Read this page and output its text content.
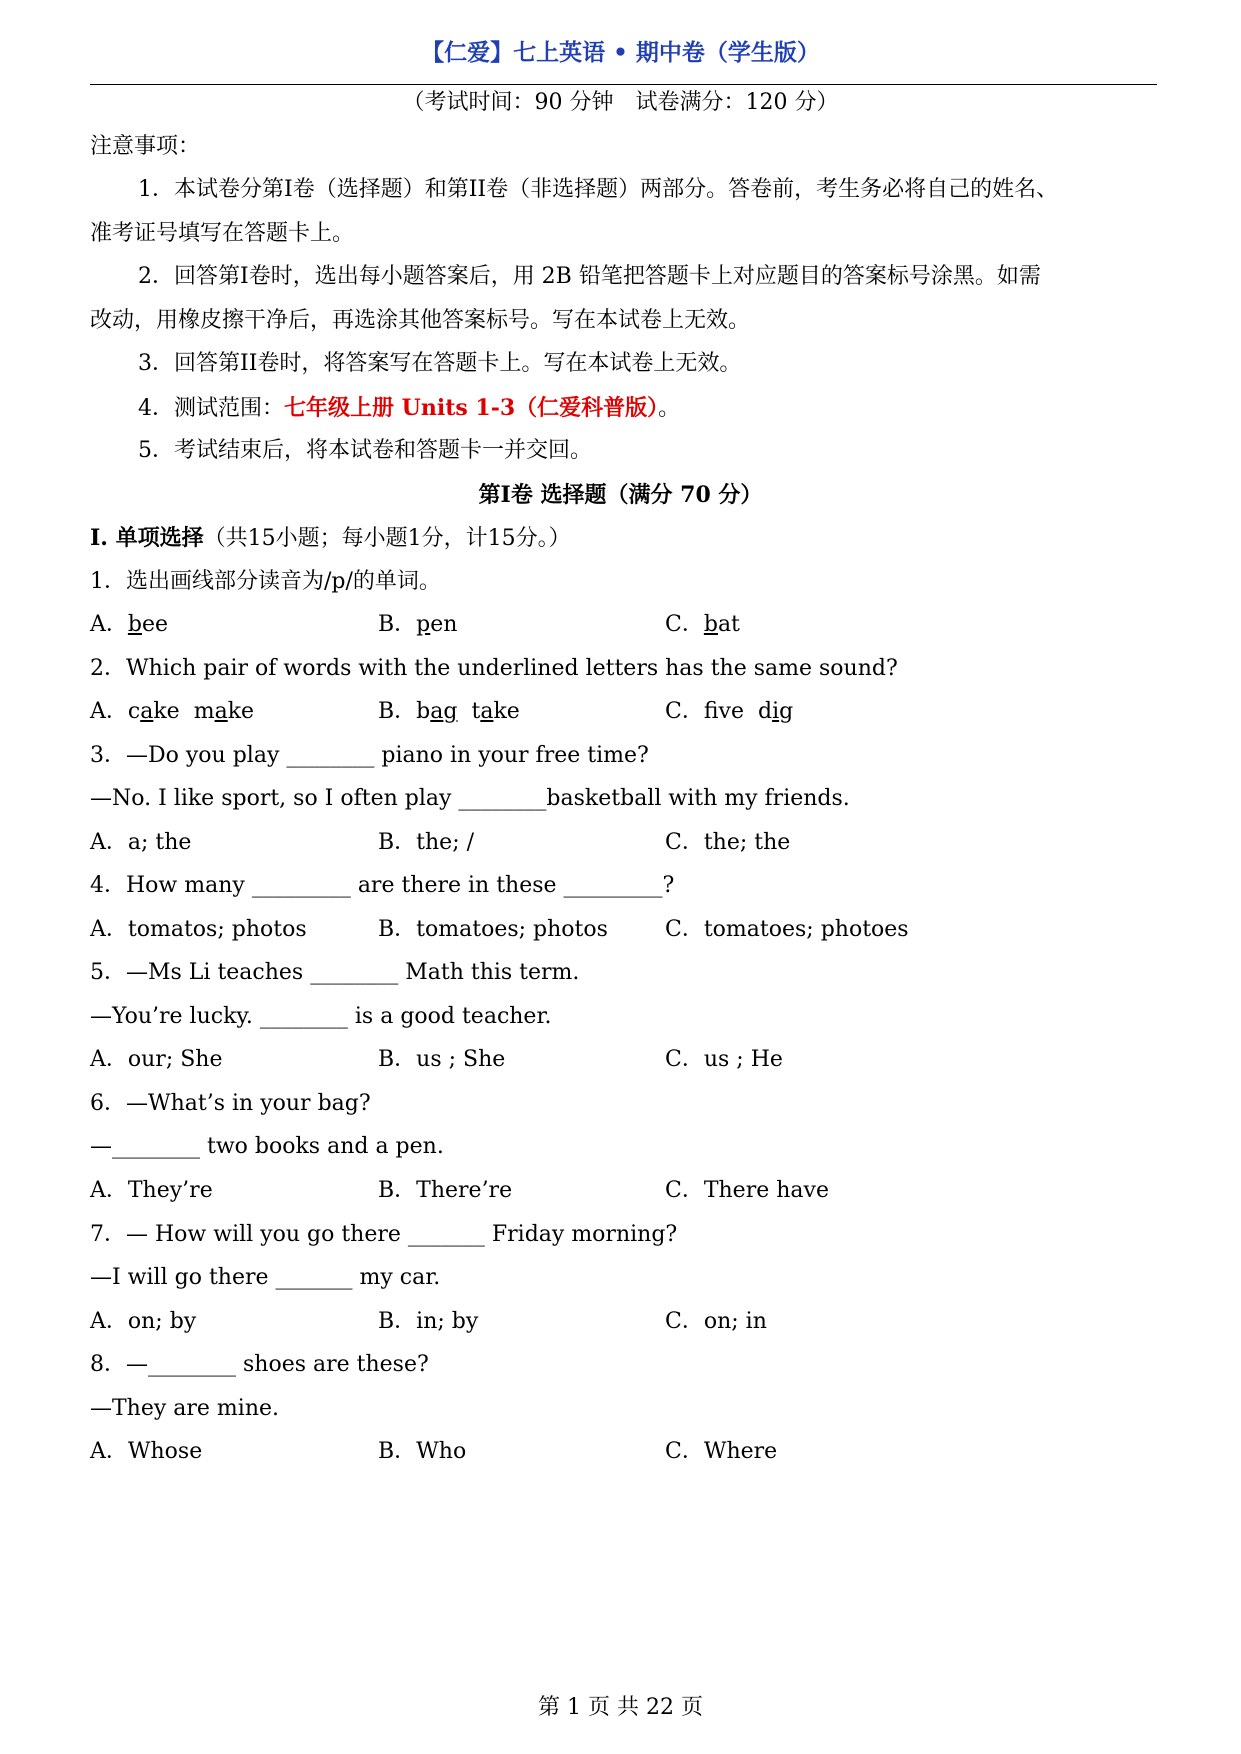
【仁爱】七上英语 • 期中卷（学生版）
（考试时间：90 分钟　试卷满分：120 分）
注意事项：
1．本试卷分第I卷（选择题）和第II卷（非选择题）两部分。答卷前，考生务必将自己的姓名、
准考证号填写在答题卡上。
2．回答第I卷时，选出每小题答案后，用 2B 铅笔把答题卡上对应题目的答案标号涂黑。如需
改动，用橡皮擦干净后，再选涂其他答案标号。写在本试卷上无效。
3．回答第II卷时，将答案写在答题卡上。写在本试卷上无效。
4．测试范围：七年级上册 Units 1-3（仁爱科普版）。
5．考试结束后，将本试卷和答题卡一并交回。
第I卷 选择题（满分 70 分）
I. 单项选择（共15小题；每小题1分，计15分。）
1．选出画线部分读音为/p/的单词。
A．bee	B．pen	C．bat
2．Which pair of words with the underlined letters has the same sound?
A．cake make	B．bag take	C．fve dig
3．—Do you play ________ piano in your free time?
—No. I like sport, so I often play ________basketball with my friends.
A．a; the	B．the; /	C．the; the
4．How many _________ are there in these _________?
A．tomatos; photos	B．tomatoes; photos	C．tomatoes; photoes
5．—Ms Li teaches ________ Math this term.
—You’re lucky. ________ is a good teacher.
A．our; She	B．us ; She	C．us ; He
6．—What’s in your bag?
—________ two books and a pen.
A．They’re	B．There’re	C．There have
7．— How will you go there _______ Friday morning?
—I will go there _______ my car.
A．on; by	B．in; by	C．on; in
8．—________ shoes are these?
—They are mine.
A．Whose	B．Who	C．Where
第 1 页 共 22 页
